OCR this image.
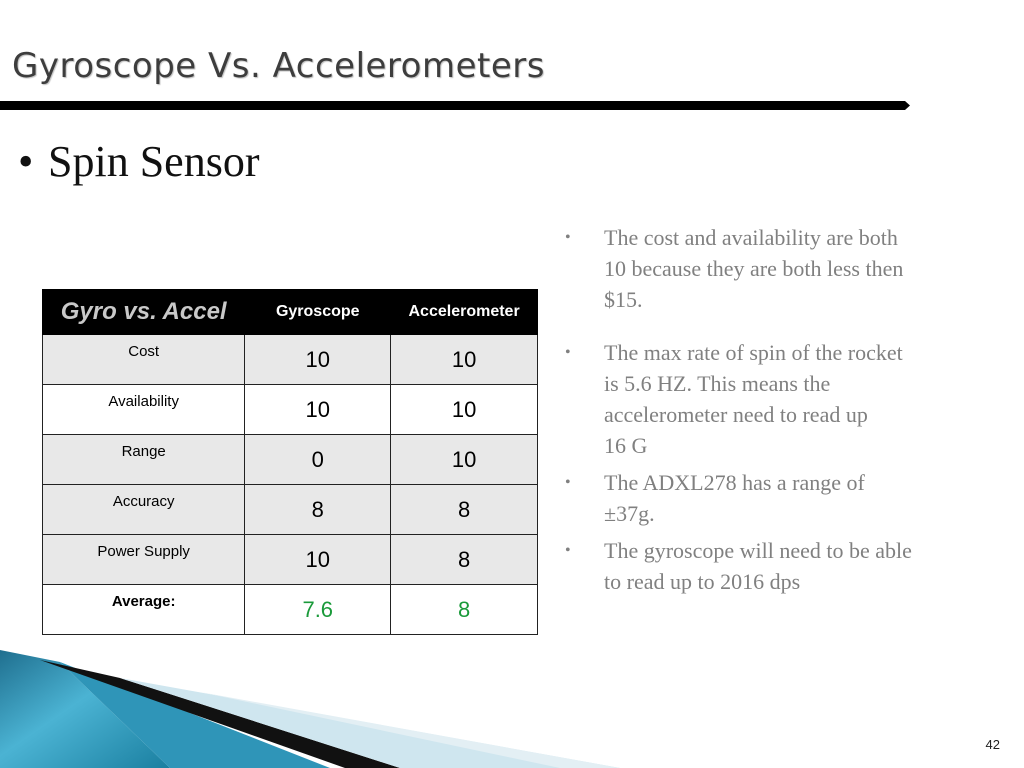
Gyroscope Vs. Accelerometers
• Spin Sensor
Gyro vs. Accel	Gyroscope	Accelerometer
Cost	10	10
Availability	10	10
Range	0	10
Accuracy	8	8
Power Supply	10	8
Average:	7.6	8
•	The cost and availability are both
10 because they are both less then
$15.
•	The max rate of spin of the rocket
is 5.6 HZ. This means the
accelerometer need to read up
16 G
•	The ADXL278 has a range of
±37g.
•	The gyroscope will need to be able
to read up to 2016 dps
42
